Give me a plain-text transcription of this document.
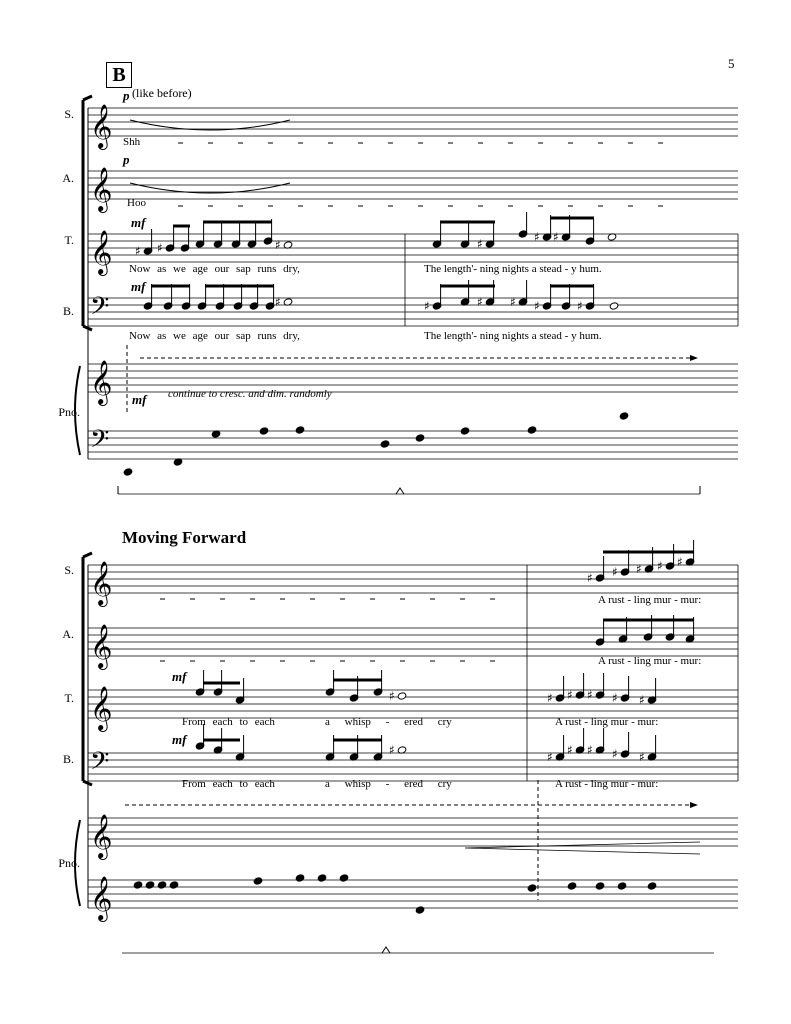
5
B
p (like before)
S.
A.
T.
B.
Pno.
p
mf
mf
mf continue to cresc. and dim. randomly
Shh
Hoo
Now as we age our sap runs dry,	The length'- ning nights a stead - y hum.
Now as we age our sap runs dry,	The length'- ning nights a stead - y hum.
Moving Forward
S.
A.
T.
B.
Pno.
mf
mf
A rust - ling mur - mur:
A rust - ling mur - mur:
From each to each	a whisp - ered cry	A rust - ling mur - mur:
From each to each	a whisp - ered cry	A rust - ling mur - mur:
𝄞
𝄞
𝄞
𝄢
𝄞
𝄢
♯ ♯	♯	♯	♯ ♯
♯	♯	♯ ♯ ♯	♯
𝄞
𝄞
𝄞
𝄢
𝄞
𝄞
♯
♯
♯ ♯ ♯ ♯ ♯
♯ ♯ ♯ ♯ ♯
♯ ♯ ♯ ♯ ♯
